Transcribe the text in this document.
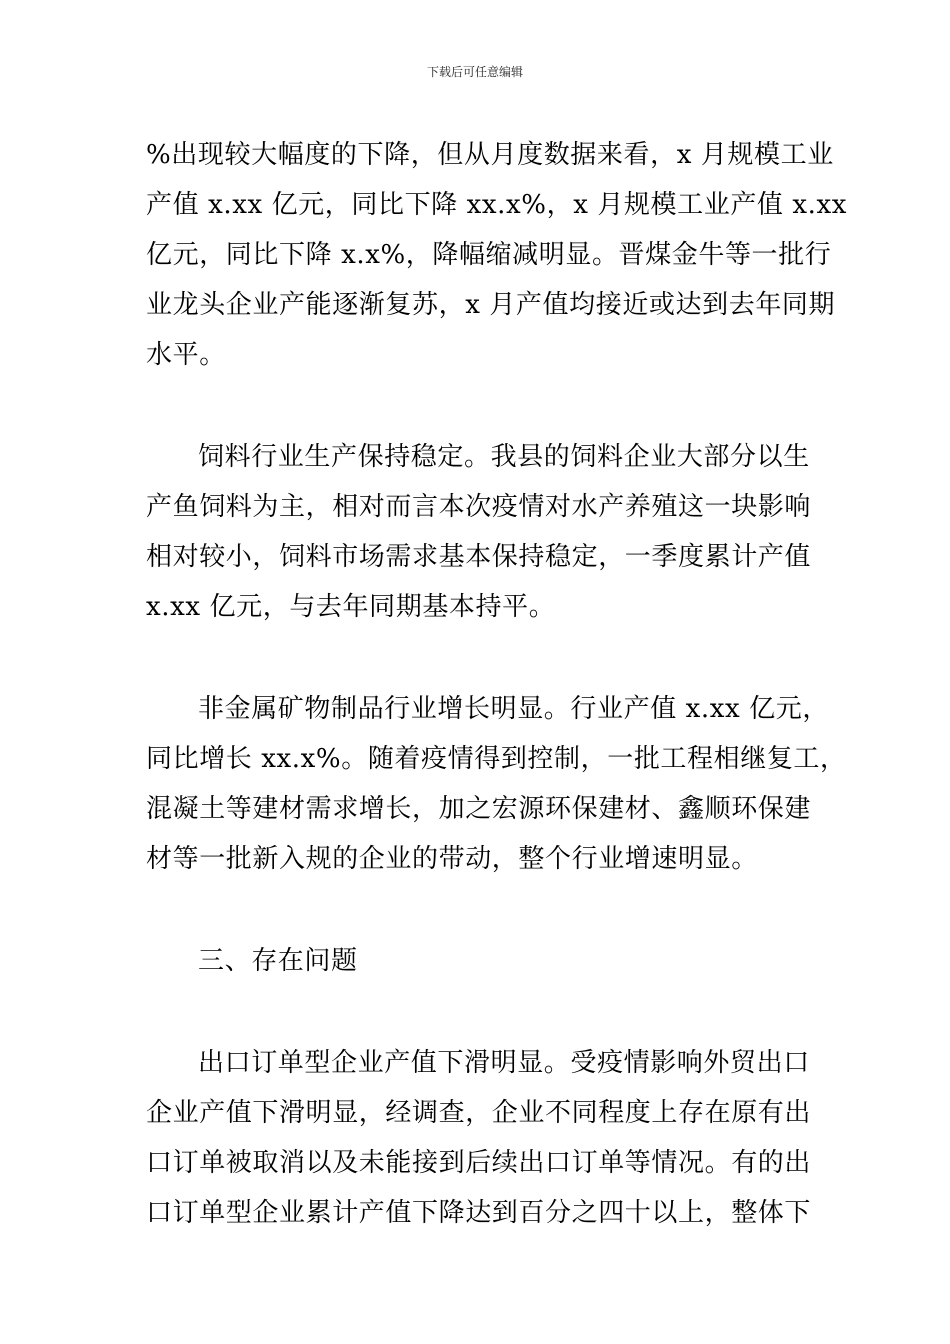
下载后可任意编辑
%出现较大幅度的下降，但从月度数据来看，x 月规模工业
产值 x.xx 亿元，同比下降 xx.x%，x 月规模工业产值 x.xx
亿元，同比下降 x.x%，降幅缩减明显。晋煤金牛等一批行
业龙头企业产能逐渐复苏，x 月产值均接近或达到去年同期
水平。
饲料行业生产保持稳定。我县的饲料企业大部分以生
产鱼饲料为主，相对而言本次疫情对水产养殖这一块影响
相对较小，饲料市场需求基本保持稳定，一季度累计产值
x.xx 亿元，与去年同期基本持平。
非金属矿物制品行业增长明显。行业产值 x.xx 亿元，
同比增长 xx.x%。随着疫情得到控制，一批工程相继复工，
混凝土等建材需求增长，加之宏源环保建材、鑫顺环保建
材等一批新入规的企业的带动，整个行业增速明显。
三、存在问题
出口订单型企业产值下滑明显。受疫情影响外贸出口
企业产值下滑明显，经调查，企业不同程度上存在原有出
口订单被取消以及未能接到后续出口订单等情况。有的出
口订单型企业累计产值下降达到百分之四十以上，整体下
